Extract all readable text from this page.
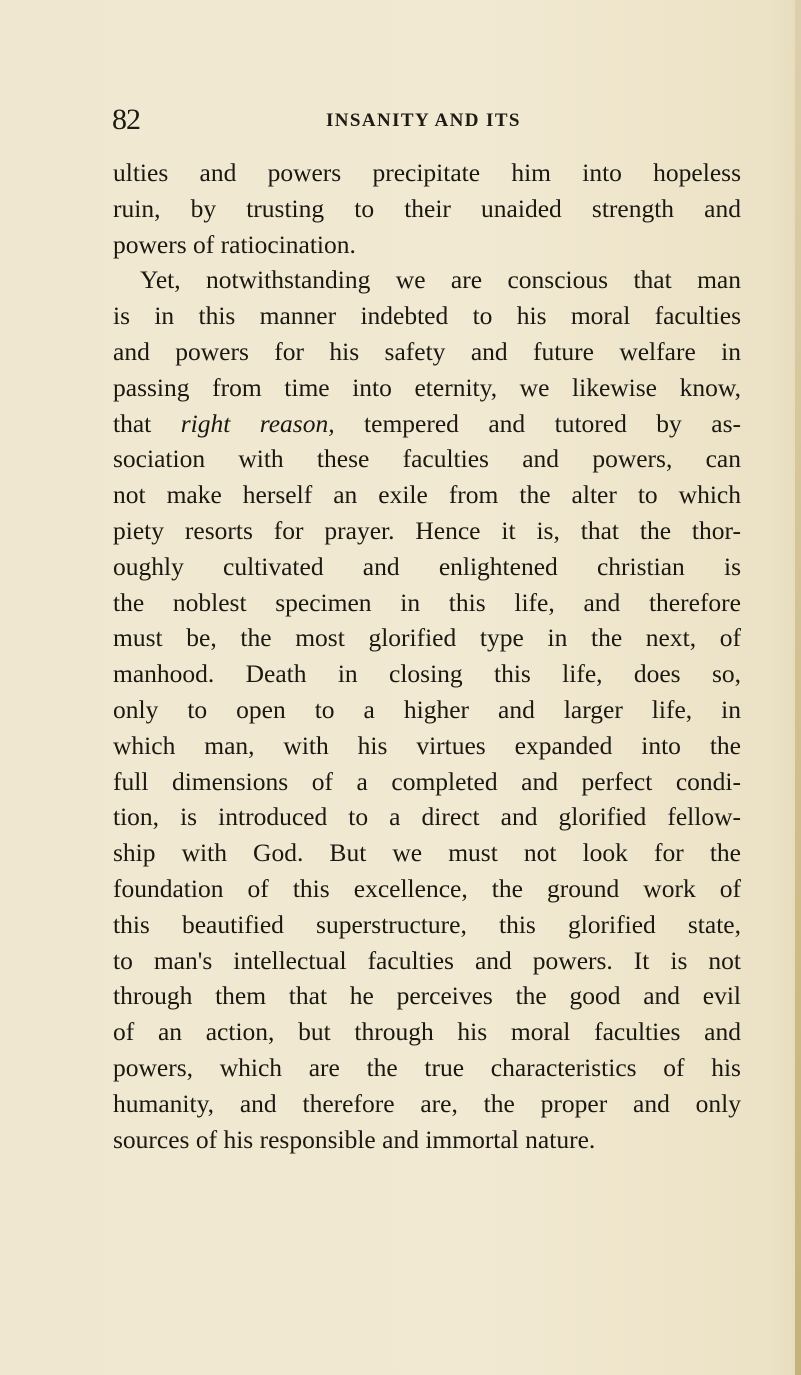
82	INSANITY AND ITS
ulties and powers precipitate him into hopeless
ruin, by trusting to their unaided strength and
powers of ratiocination.
Yet, notwithstanding we are conscious that man
is in this manner indebted to his moral faculties
and powers for his safety and future welfare in
passing from time into eternity, we likewise know,
that right reason, tempered and tutored by as-
sociation with these faculties and powers, can
not make herself an exile from the alter to which
piety resorts for prayer. Hence it is, that the thor-
oughly cultivated and enlightened christian is
the noblest specimen in this life, and therefore
must be, the most glorified type in the next, of
manhood. Death in closing this life, does so,
only to open to a higher and larger life, in
which man, with his virtues expanded into the
full dimensions of a completed and perfect condi-
tion, is introduced to a direct and glorified fellow-
ship with God. But we must not look for the
foundation of this excellence, the ground work of
this beautified superstructure, this glorified state,
to man's intellectual faculties and powers. It is not
through them that he perceives the good and evil
of an action, but through his moral faculties and
powers, which are the true characteristics of his
humanity, and therefore are, the proper and only
sources of his responsible and immortal nature.
